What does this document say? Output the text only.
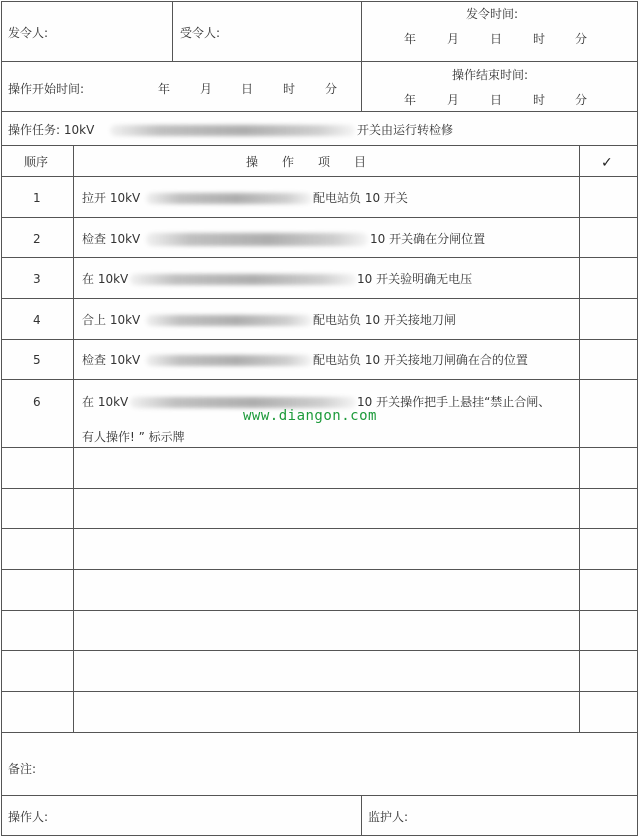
发令人:	受令人:
发令时间:
年	月	日	时 分
操作开始时间:	年 月 日 时 分
操作结束时间:
年	月	日	时 分
操作任务: 10kV	开关由运行转检修
顺序	操　　作　　项　　目	✓
1	拉开 10kV	配电站负 10 开关
2	检查 10kV	10 开关确在分闸位置
3	在 10kV	10 开关验明确无电压
4	合上 10kV	配电站负 10 开关接地刀闸
5	检查 10kV	配电站负 10 开关接地刀闸确在合的位置
6	在 10kV	10 开关操作把手上悬挂“禁止合闸、
有人操作! ” 标示牌
www.diangon.com
备注:
操作人:	监护人:
